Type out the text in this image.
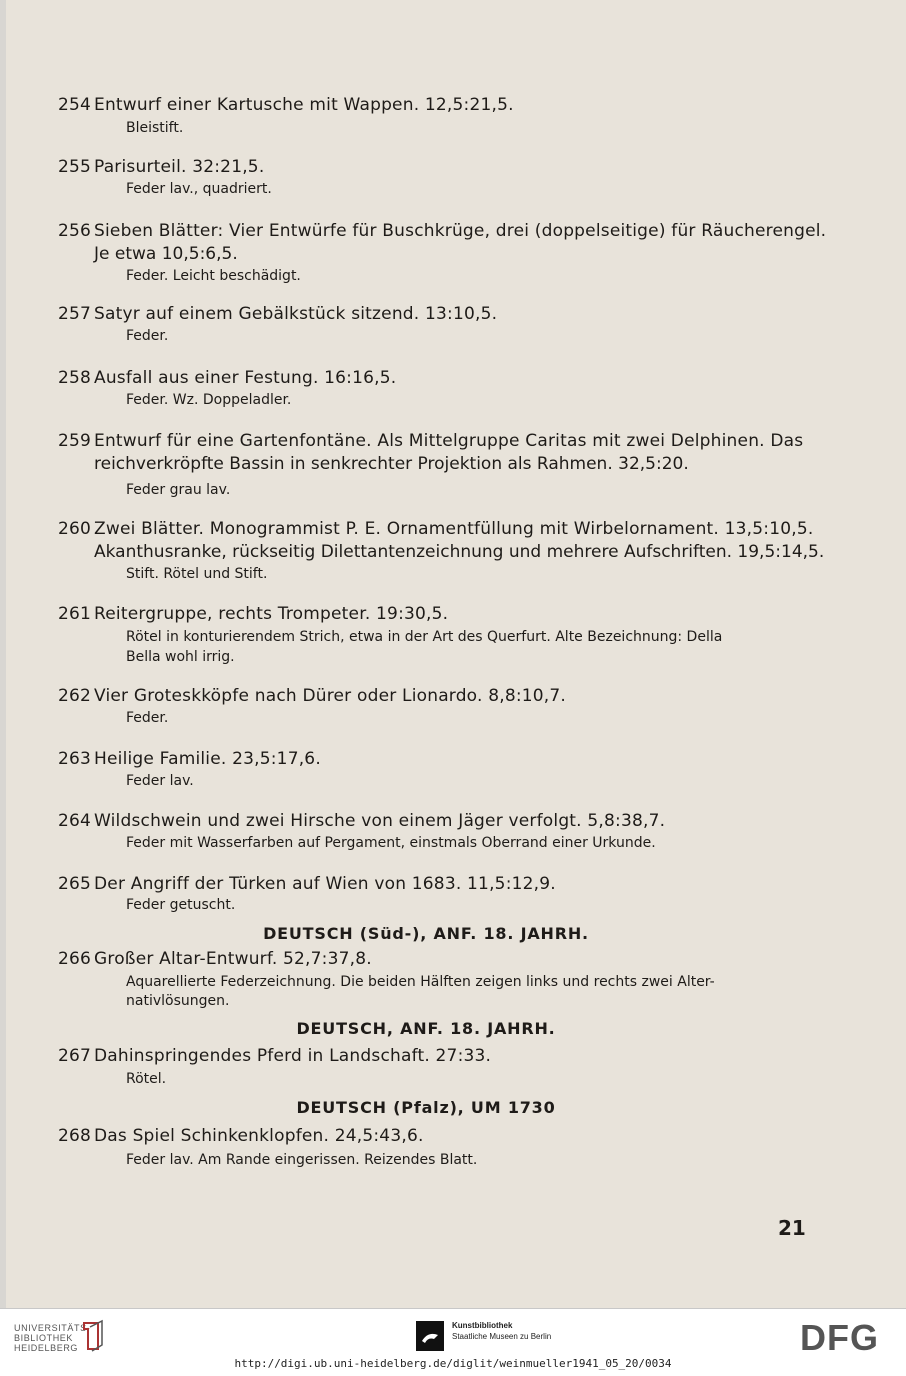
254 Entwurf einer Kartusche mit Wappen. 12,5:21,5.
Bleistift.
255 Parisurteil. 32:21,5.
Feder lav., quadriert.
256 Sieben Blätter: Vier Entwürfe für Buschkrüge, drei (doppelseitige) für Räucherengel.
Je etwa 10,5:6,5.
Feder. Leicht beschädigt.
257 Satyr auf einem Gebälkstück sitzend. 13:10,5.
Feder.
258 Ausfall aus einer Festung. 16:16,5.
Feder. Wz. Doppeladler.
259 Entwurf für eine Gartenfontäne. Als Mittelgruppe Caritas mit zwei Delphinen. Das
reichverkröpfte Bassin in senkrechter Projektion als Rahmen. 32,5:20.
Feder grau lav.
260 Zwei Blätter. Monogrammist P. E. Ornamentfüllung mit Wirbelornament. 13,5:10,5.
Akanthusranke, rückseitig Dilettantenzeichnung und mehrere Aufschriften. 19,5:14,5.
Stift. Rötel und Stift.
261 Reitergruppe, rechts Trompeter. 19:30,5.
Rötel in konturierendem Strich, etwa in der Art des Querfurt. Alte Bezeichnung: Della
Bella wohl irrig.
262 Vier Groteskköpfe nach Dürer oder Lionardo. 8,8:10,7.
Feder.
263 Heilige Familie. 23,5:17,6.
Feder lav.
264 Wildschwein und zwei Hirsche von einem Jäger verfolgt. 5,8:38,7.
Feder mit Wasserfarben auf Pergament, einstmals Oberrand einer Urkunde.
265 Der Angriff der Türken auf Wien von 1683. 11,5:12,9.
Feder getuscht.
DEUTSCH (Süd-), ANF. 18. JAHRH.
266 Großer Altar-Entwurf. 52,7:37,8.
Aquarellierte Federzeichnung. Die beiden Hälften zeigen links und rechts zwei Alter-
nativlösungen.
DEUTSCH, ANF. 18. JAHRH.
267 Dahinspringendes Pferd in Landschaft. 27:33.
Rötel.
DEUTSCH (Pfalz), UM 1730
268 Das Spiel Schinkenklopfen. 24,5:43,6.
Feder lav. Am Rande eingerissen. Reizendes Blatt.
21
UNIVERSITÄTS-
BIBLIOTHEK
HEIDELBERG
Kunstbibliothek
Staatliche Museen zu Berlin	DFG
http://digi.ub.uni-heidelberg.de/diglit/weinmueller1941_05_20/0034
